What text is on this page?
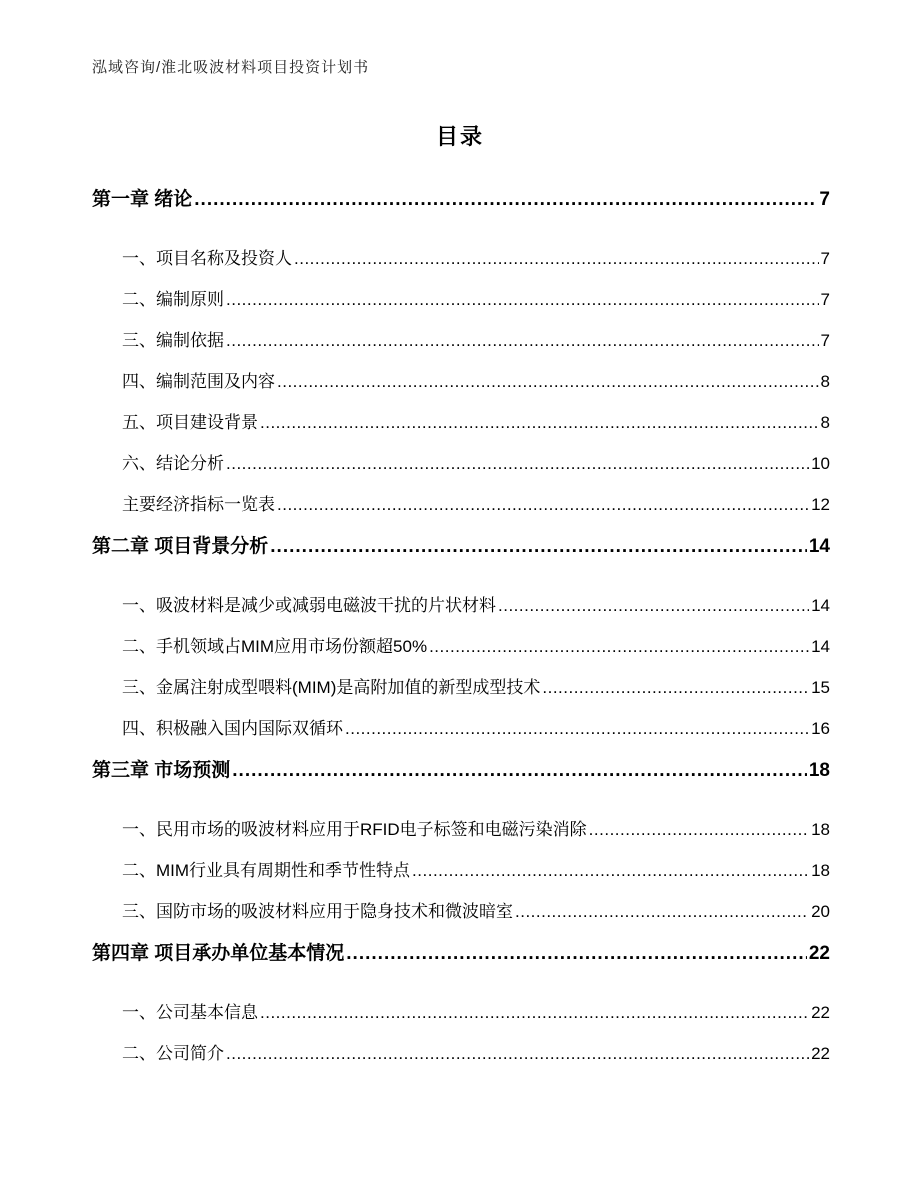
泓域咨询/淮北吸波材料项目投资计划书
目录
第一章 绪论 .....	7
一、 项目名称及投资人 .....	7
二、 编制原则 .....	7
三、 编制依据 .....	7
四、 编制范围及内容 .....	8
五、 项目建设背景 .....	8
六、 结论分析 .....	10
主要经济指标一览表 .....	12
第二章 项目背景分析 .....	14
一、 吸波材料是减少或减弱电磁波干扰的片状材料 .....	14
二、 手机领域占MIM应用市场份额超50% .....	14
三、 金属注射成型喂料(MIM)是高附加值的新型成型技术 .....	15
四、 积极融入国内国际双循环 .....	16
第三章 市场预测 .....	18
一、 民用市场的吸波材料应用于RFID电子标签和电磁污染消除 .....	18
二、 MIM行业具有周期性和季节性特点 .....	18
三、 国防市场的吸波材料应用于隐身技术和微波暗室 .....	20
第四章 项目承办单位基本情况 .....	22
一、 公司基本信息 .....	22
二、 公司简介 .....	22
